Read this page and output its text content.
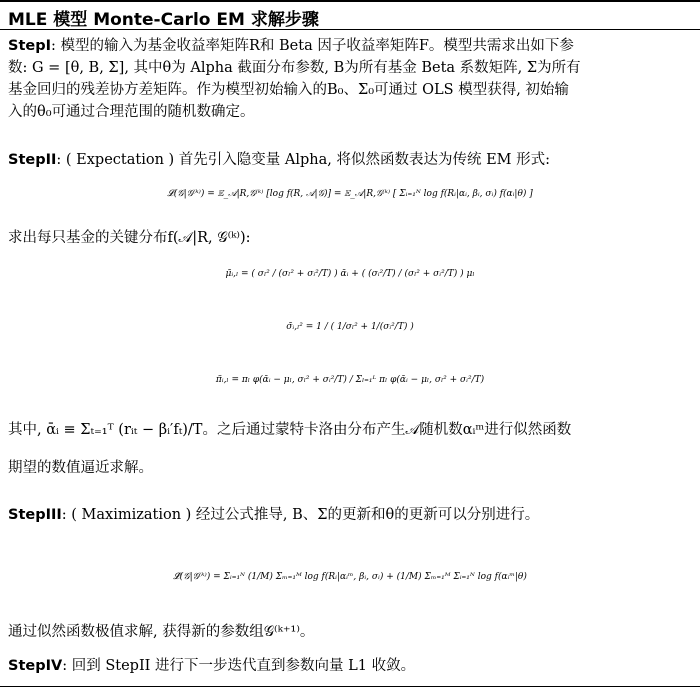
MLE 模型 Monte-Carlo EM 求解步骤
StepI: 模型的输入为基金收益率矩阵R和 Beta 因子收益率矩阵F。模型共需求出如下参
数: G = [θ, B, Σ], 其中θ为 Alpha 截面分布参数, B为所有基金 Beta 系数矩阵, Σ为所有
基金回归的残差协方差矩阵。作为模型初始输入的B₀、Σ₀可通过 OLS 模型获得, 初始输
入的θ₀可通过合理范围的随机数确定。
StepII: ( Expectation ) 首先引入隐变量 Alpha, 将似然函数表达为传统 EM 形式:
𝓛(𝒢|𝒢⁽ᵏ⁾) = 𝔼_𝒜|R,𝒢⁽ᵏ⁾ [log f(R, 𝒜|𝒢)] = 𝔼_𝒜|R,𝒢⁽ᵏ⁾ [ Σᵢ₌₁ᴺ log f(Rᵢ|αᵢ, βᵢ, σᵢ) f(αᵢ|θ) ]
求出每只基金的关键分布f(𝒜|R, 𝒢⁽ᵏ⁾):
μ̃ᵢ,ₗ = ( σₗ² / (σₗ² + σᵢ²/T) ) ᾱᵢ + ( (σᵢ²/T) / (σₗ² + σᵢ²/T) ) μₗ
σ̃ᵢ,ₗ² = 1 / ( 1/σₗ² + 1/(σᵢ²/T) )
π̃ᵢ,ₗ = πₗ φ(ᾱᵢ − μₗ, σₗ² + σᵢ²/T) / Σₗ₌₁ᴸ πₗ φ(ᾱᵢ − μₗ, σₗ² + σᵢ²/T)
其中, ᾱᵢ ≡ Σₜ₌₁ᵀ (rᵢₜ − βᵢ′fₜ)/T。之后通过蒙特卡洛由分布产生𝒜随机数αᵢᵐ进行似然函数
期望的数值逼近求解。
StepIII: ( Maximization ) 经过公式推导, B、Σ的更新和θ的更新可以分别进行。
𝓛̂(𝒢|𝒢⁽ᵏ⁾) = Σᵢ₌₁ᴺ (1/M) Σₘ₌₁ᴹ log f(Rᵢ|αᵢᵐ, βᵢ, σᵢ) + (1/M) Σₘ₌₁ᴹ Σᵢ₌₁ᴺ log f(αᵢᵐ|θ)
通过似然函数极值求解, 获得新的参数组𝒢⁽ᵏ⁺¹⁾。
StepIV: 回到 StepII 进行下一步迭代直到参数向量 L1 收敛。
